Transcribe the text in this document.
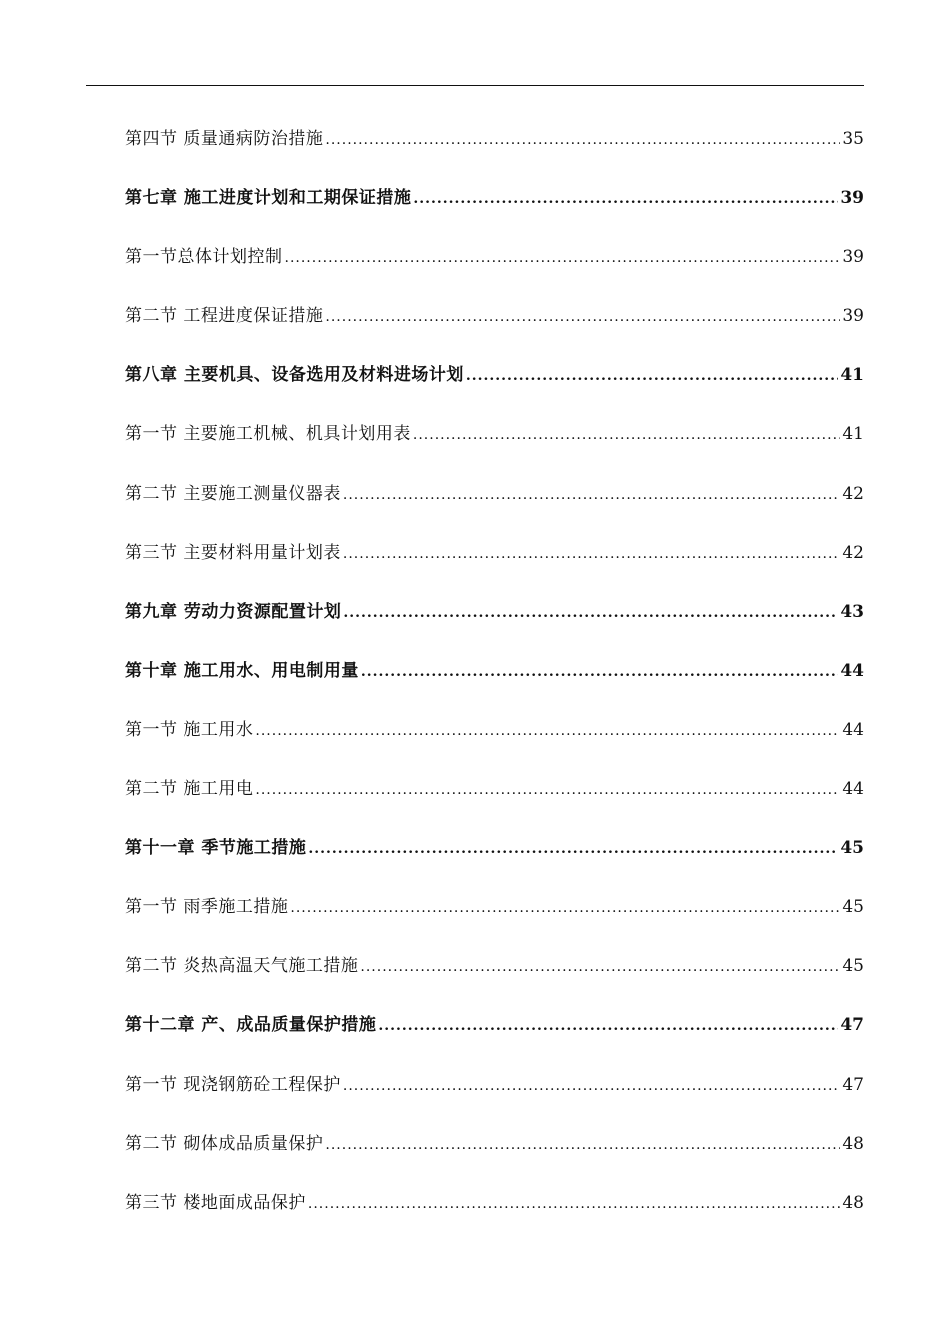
第四节 质量通病防治措施 .....	35
第七章 施工进度计划和工期保证措施 .....	39
第一节总体计划控制 .....	39
第二节 工程进度保证措施 .....	39
第八章 主要机具、设备选用及材料进场计划 .....	41
第一节 主要施工机械、机具计划用表 .....	41
第二节 主要施工测量仪器表 .....	42
第三节 主要材料用量计划表 .....	42
第九章 劳动力资源配置计划 .....	43
第十章 施工用水、用电制用量 .....	44
第一节 施工用水 .....	44
第二节 施工用电 .....	44
第十一章 季节施工措施 .....	45
第一节 雨季施工措施 .....	45
第二节 炎热高温天气施工措施 .....	45
第十二章 产、成品质量保护措施 .....	47
第一节 现浇钢筋砼工程保护 .....	47
第二节 砌体成品质量保护 .....	48
第三节 楼地面成品保护 .....	48
